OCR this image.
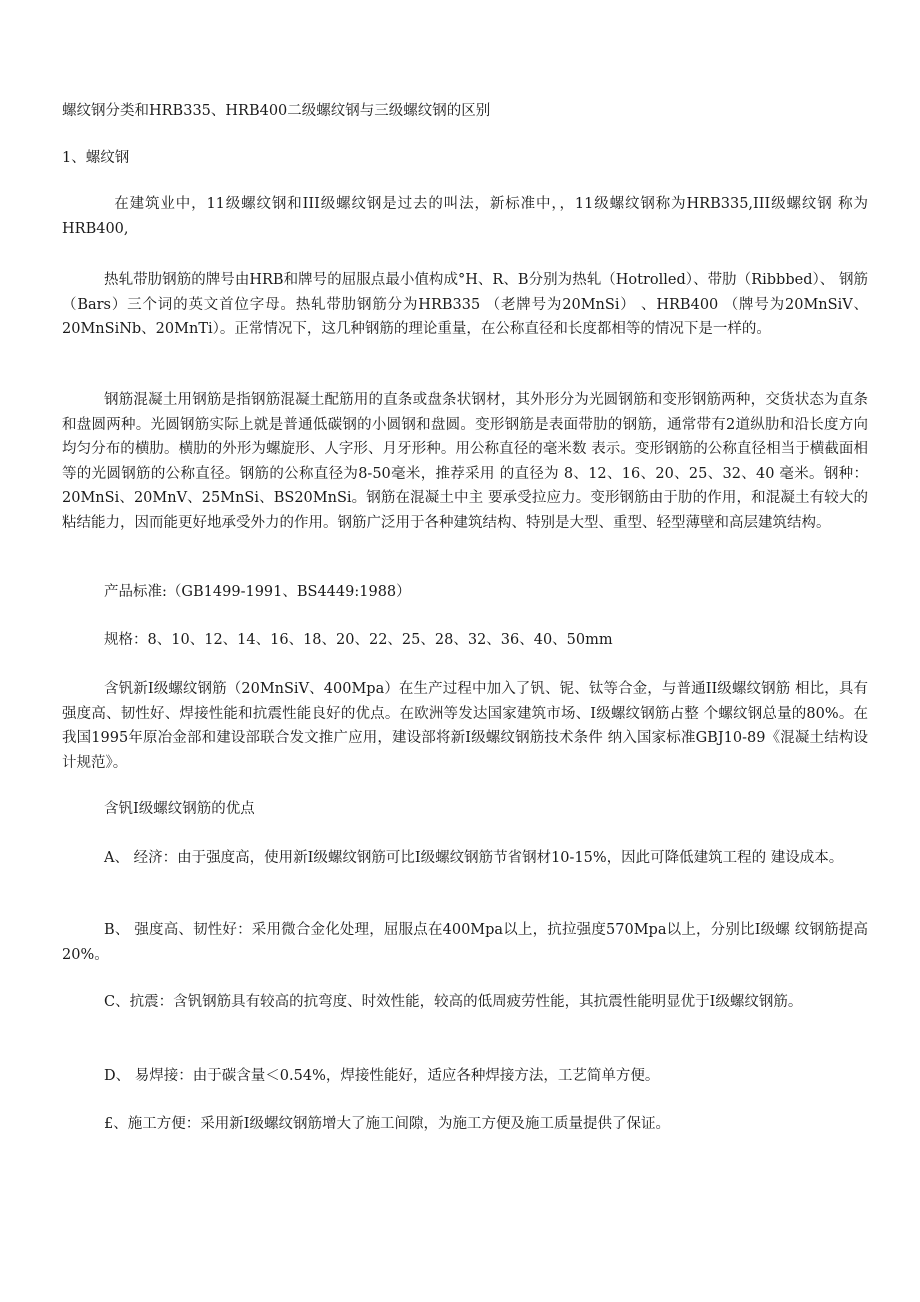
螺纹钢分类和HRB335、HRB400二级螺纹钢与三级螺纹钢的区别

1、螺纹钢

在建筑业中，11级螺纹钢和III级螺纹钢是过去的叫法，新标准中，，11级螺纹钢称为HRB335,III级螺纹钢 称为 HRB400,

热轧带肋钢筋的牌号由HRB和牌号的屈服点最小值构成°H、R、B分别为热轧（Hotrolled）、带肋（Ribbbed）、 钢筋（Bars）三个词的英文首位字母。热轧带肋钢筋分为HRB335 （老牌号为20MnSi） 、HRB400 （牌号为20MnSiV、 20MnSiNb、20MnTi）。正常情况下，这几种钢筋的理论重量，在公称直径和长度都相等的情况下是一样的。

钢筋混凝土用钢筋是指钢筋混凝土配筋用的直条或盘条状钢材，其外形分为光圆钢筋和变形钢筋两种，交货状态为直条和盘圆两种。光圆钢筋实际上就是普通低碳钢的小圆钢和盘圆。变形钢筋是表面带肋的钢筋，通常带有2道纵肋和沿长度方向均匀分布的横肋。横肋的外形为螺旋形、人字形、月牙形种。用公称直径的毫米数 表示。变形钢筋的公称直径相当于横截面相等的光圆钢筋的公称直径。钢筋的公称直径为8-50毫米，推荐采用 的直径为 8、12、16、20、25、32、40 毫米。钢种：20MnSi、20MnV、25MnSi、BS20MnSi。钢筋在混凝土中主 要承受拉应力。变形钢筋由于肋的作用，和混凝土有较大的粘结能力，因而能更好地承受外力的作用。钢筋广泛用于各种建筑结构、特别是大型、重型、轻型薄壁和高层建筑结构。

产品标准:（GB1499-1991、BS4449:1988）

规格：8、10、12、14、16、18、20、22、25、28、32、36、40、50mm

含钒新I级螺纹钢筋（20MnSiV、400Mpa）在生产过程中加入了钒、铌、钛等合金，与普通II级螺纹钢筋 相比，具有强度高、韧性好、焊接性能和抗震性能良好的优点。在欧洲等发达国家建筑市场、I级螺纹钢筋占整 个螺纹钢总量的80%。在我国1995年原冶金部和建设部联合发文推广应用，建设部将新I级螺纹钢筋技术条件 纳入国家标准GBJ10-89《混凝土结构设计规范》。

含钒I级螺纹钢筋的优点

A、 经济：由于强度高，使用新I级螺纹钢筋可比I级螺纹钢筋节省钢材10-15%，因此可降低建筑工程的 建设成本。

B、 强度高、韧性好：采用微合金化处理，屈服点在400Mpa以上，抗拉强度570Mpa以上，分别比I级螺 纹钢筋提高20%。

C、抗震：含钒钢筋具有较高的抗弯度、时效性能，较高的低周疲劳性能，其抗震性能明显优于I级螺纹钢筋。

D、 易焊接：由于碳含量＜0.54%，焊接性能好，适应各种焊接方法，工艺简单方便。

£、施工方便：采用新I级螺纹钢筋增大了施工间隙，为施工方便及施工质量提供了保证。
